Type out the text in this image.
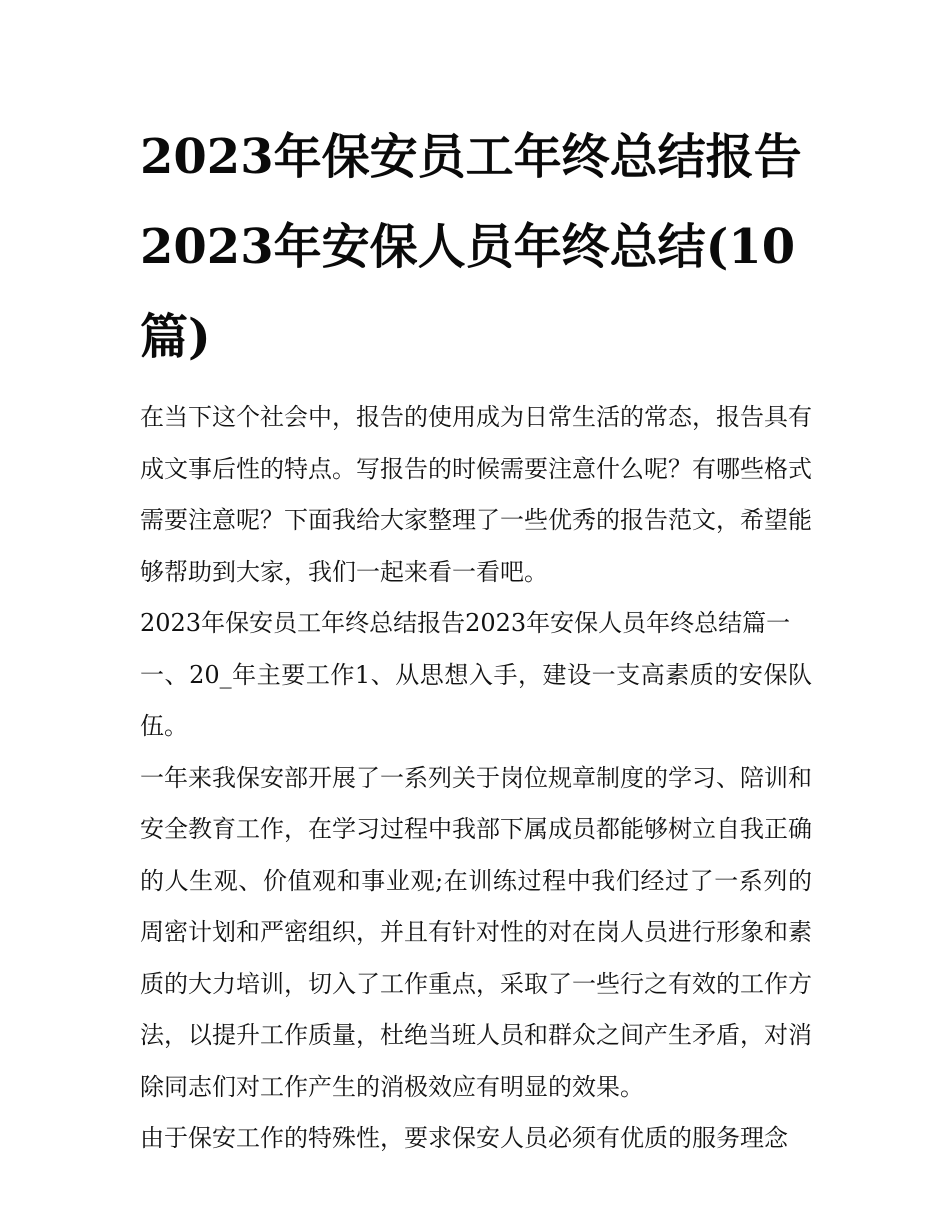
2023年保安员工年终总结报告2023年安保人员年终总结(10篇)

在当下这个社会中，报告的使用成为日常生活的常态，报告具有成文事后性的特点。写报告的时候需要注意什么呢？有哪些格式需要注意呢？下面我给大家整理了一些优秀的报告范文，希望能够帮助到大家，我们一起来看一看吧。

2023年保安员工年终总结报告2023年安保人员年终总结篇一

一、20_年主要工作1、从思想入手，建设一支高素质的安保队伍。

一年来我保安部开展了一系列关于岗位规章制度的学习、陪训和安全教育工作，在学习过程中我部下属成员都能够树立自我正确的人生观、价值观和事业观;在训练过程中我们经过了一系列的周密计划和严密组织，并且有针对性的对在岗人员进行形象和素质的大力培训，切入了工作重点，采取了一些行之有效的工作方法，以提升工作质量，杜绝当班人员和群众之间产生矛盾，对消除同志们对工作产生的消极效应有明显的效果。

由于保安工作的特殊性，要求保安人员必须有优质的服务理念
